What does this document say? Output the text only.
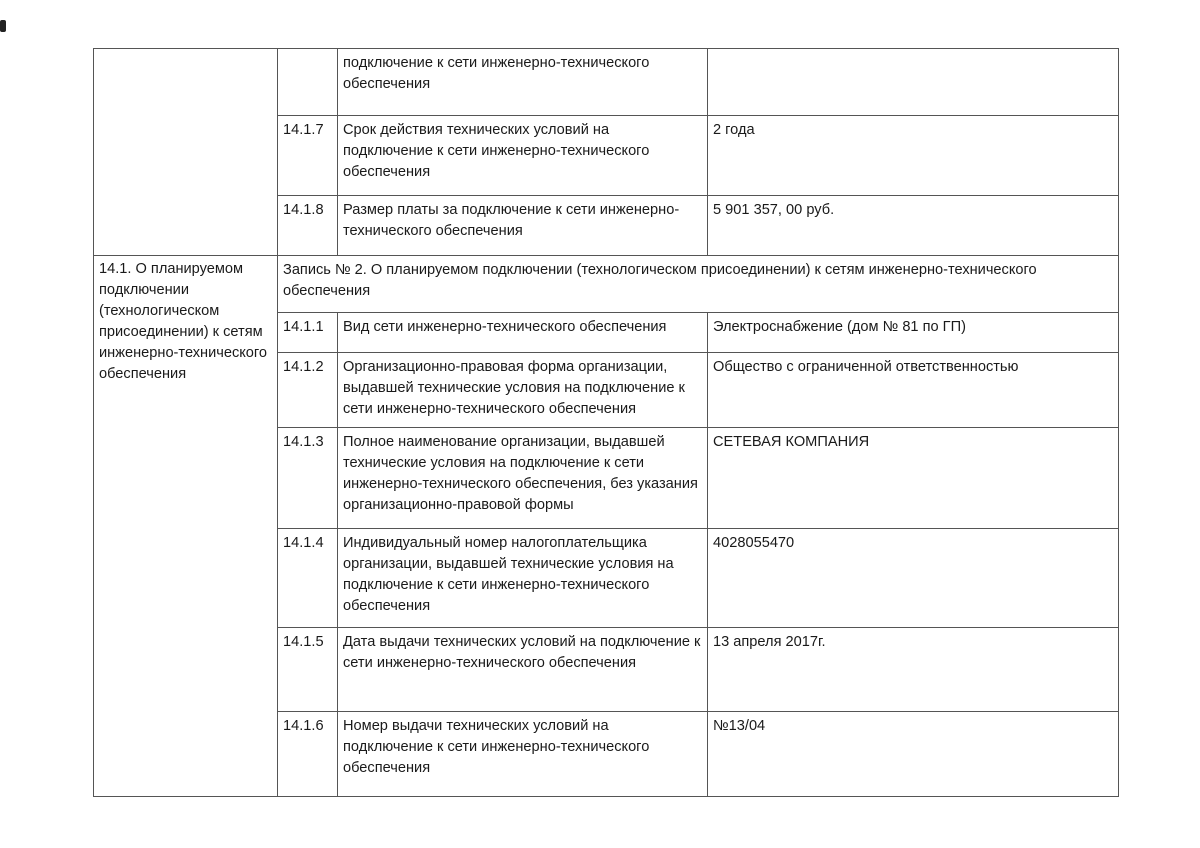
		подключение к сети инженерно-технического обеспечения	
	14.1.7	Срок действия технических условий на подключение к сети инженерно-технического обеспечения	2 года
	14.1.8	Размер платы за подключение к сети инженерно-технического обеспечения	5 901 357, 00 руб.
14.1. О планируемом подключении (технологическом присоединении) к сетям инженерно-технического обеспечения	Запись № 2. О планируемом подключении (технологическом присоединении) к сетям инженерно-технического обеспечения		
	14.1.1	Вид сети инженерно-технического обеспечения	Электроснабжение (дом № 81 по ГП)
	14.1.2	Организационно-правовая форма организации, выдавшей технические условия на подключение к сети инженерно-технического обеспечения	Общество с ограниченной ответственностью
	14.1.3	Полное наименование организации, выдавшей технические условия на подключение к сети инженерно-технического обеспечения, без указания организационно-правовой формы	СЕТЕВАЯ КОМПАНИЯ
	14.1.4	Индивидуальный номер налогоплательщика организации, выдавшей технические условия на подключение к сети инженерно-технического обеспечения	4028055470
	14.1.5	Дата выдачи технических условий на подключение к сети инженерно-технического обеспечения	13 апреля 2017г.
	14.1.6	Номер выдачи технических условий на подключение к сети инженерно-технического обеспечения	№13/04
